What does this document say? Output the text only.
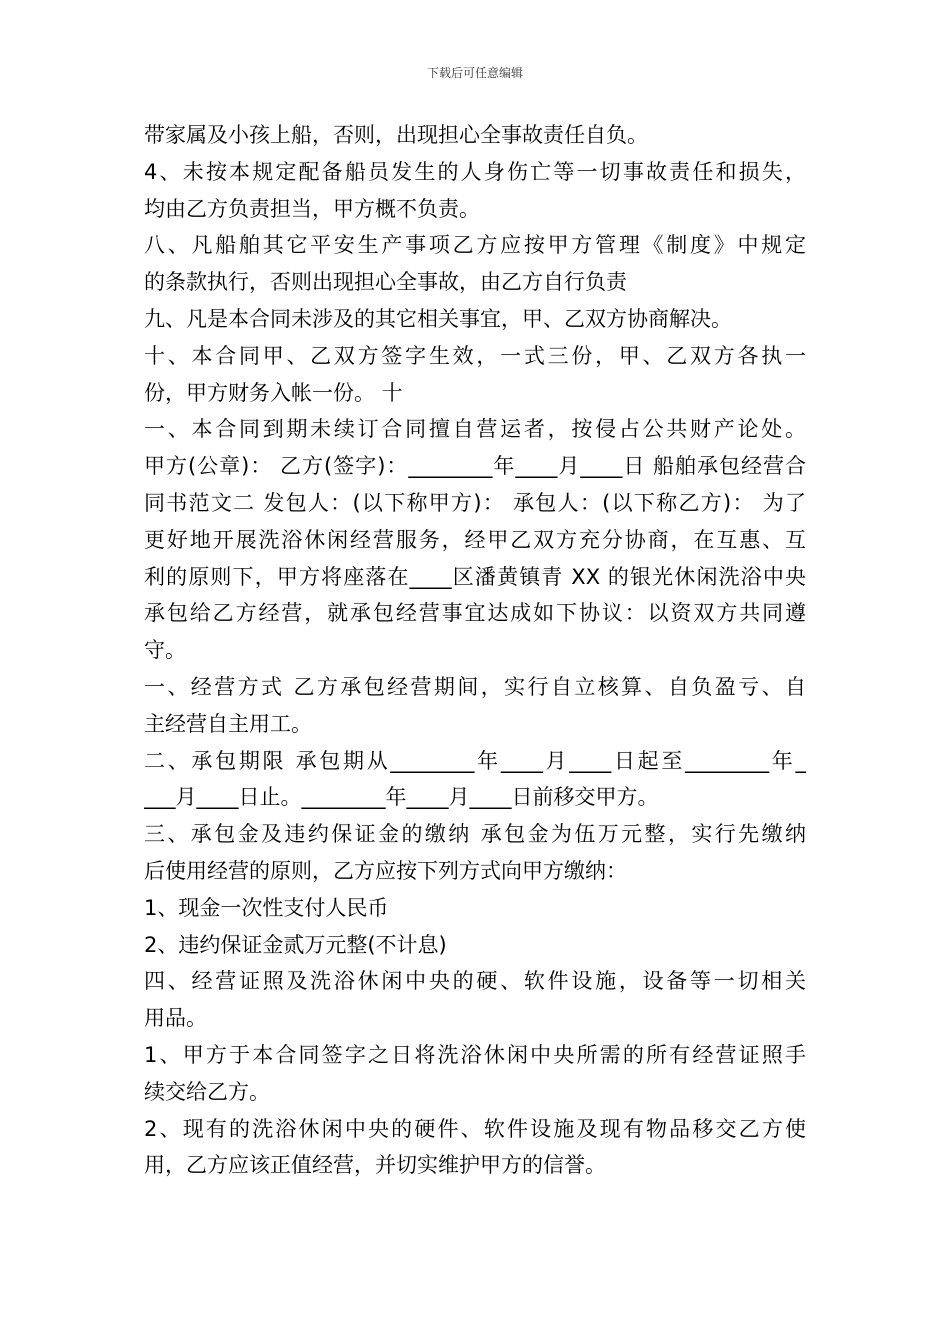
下载后可任意编辑
带家属及小孩上船，否则，出现担心全事故责任自负。
4、未按本规定配备船员发生的人身伤亡等一切事故责任和损失，
均由乙方负责担当，甲方概不负责。
八、凡船舶其它平安生产事项乙方应按甲方管理《制度》中规定
的条款执行，否则出现担心全事故，由乙方自行负责
九、凡是本合同未涉及的其它相关事宜，甲、乙双方协商解决。
十、本合同甲、乙双方签字生效，一式三份，甲、乙双方各执一
份，甲方财务入帐一份。 十
一、本合同到期未续订合同擅自营运者，按侵占公共财产论处。
甲方(公章)： 乙方(签字)：________年____月____日 船舶承包经营合
同书范文二 发包人：(以下称甲方)： 承包人：(以下称乙方)： 为了
更好地开展洗浴休闲经营服务，经甲乙双方充分协商，在互惠、互
利的原则下，甲方将座落在____区潘黄镇青 XX 的银光休闲洗浴中央
承包给乙方经营，就承包经营事宜达成如下协议：以资双方共同遵
守。
一、经营方式 乙方承包经营期间，实行自立核算、自负盈亏、自
主经营自主用工。
二、承包期限 承包期从________年____月____日起至________年_
___月____日止。________年____月____日前移交甲方。
三、承包金及违约保证金的缴纳 承包金为伍万元整，实行先缴纳
后使用经营的原则，乙方应按下列方式向甲方缴纳：
1、现金一次性支付人民币
2、违约保证金贰万元整(不计息)
四、经营证照及洗浴休闲中央的硬、软件设施，设备等一切相关
用品。
1、甲方于本合同签字之日将洗浴休闲中央所需的所有经营证照手
续交给乙方。
2、现有的洗浴休闲中央的硬件、软件设施及现有物品移交乙方使
用，乙方应该正值经营，并切实维护甲方的信誉。
